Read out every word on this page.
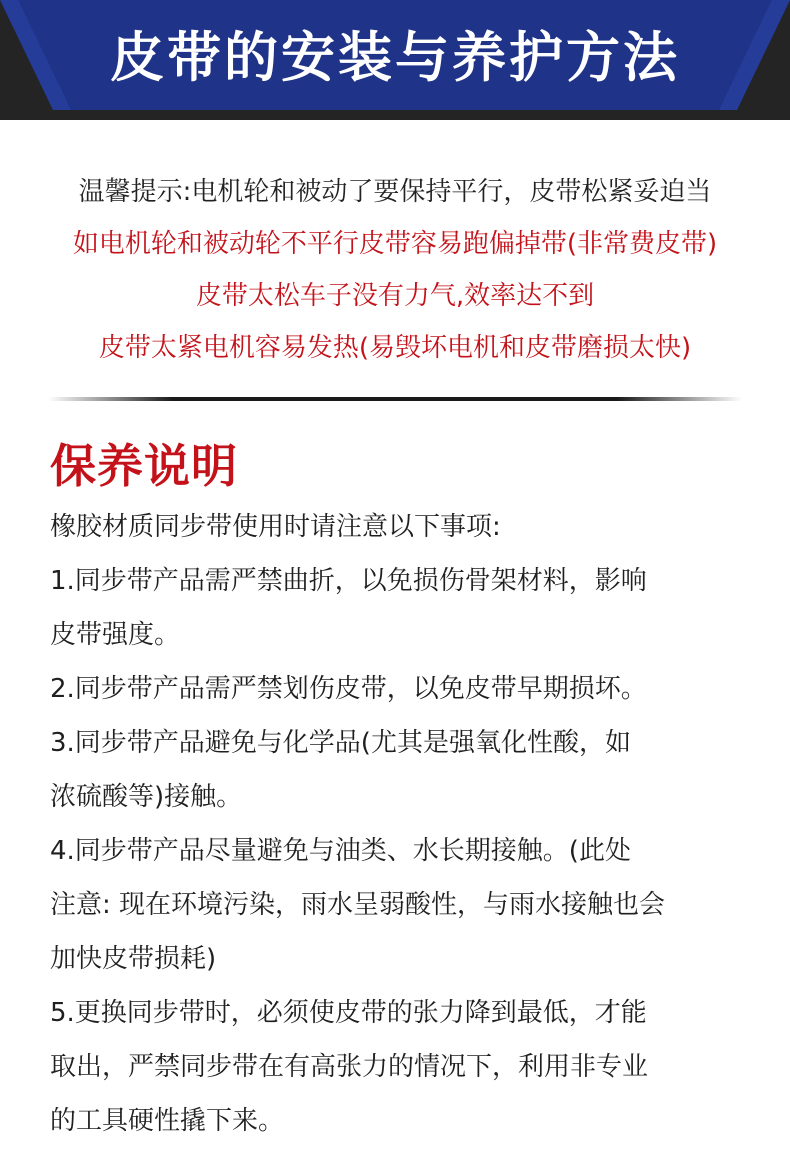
皮带的安装与养护方法
温馨提示:电机轮和被动了要保持平行，皮带松紧妥迫当
如电机轮和被动轮不平行皮带容易跑偏掉带(非常费皮带)
皮带太松车子没有力气,效率达不到
皮带太紧电机容易发热(易毁坏电机和皮带磨损太快)
保养说明
橡胶材质同步带使用时请注意以下事项:
1.同步带产品需严禁曲折，以免损伤骨架材料，影响
皮带强度。
2.同步带产品需严禁划伤皮带，以免皮带早期损坏。
3.同步带产品避免与化学品(尤其是强氧化性酸，如
浓硫酸等)接触。
4.同步带产品尽量避免与油类、水长期接触。(此处
注意: 现在环境污染，雨水呈弱酸性，与雨水接触也会
加快皮带损耗)
5.更换同步带时，必须使皮带的张力降到最低，才能
取出，严禁同步带在有高张力的情况下，利用非专业
的工具硬性撬下来。
